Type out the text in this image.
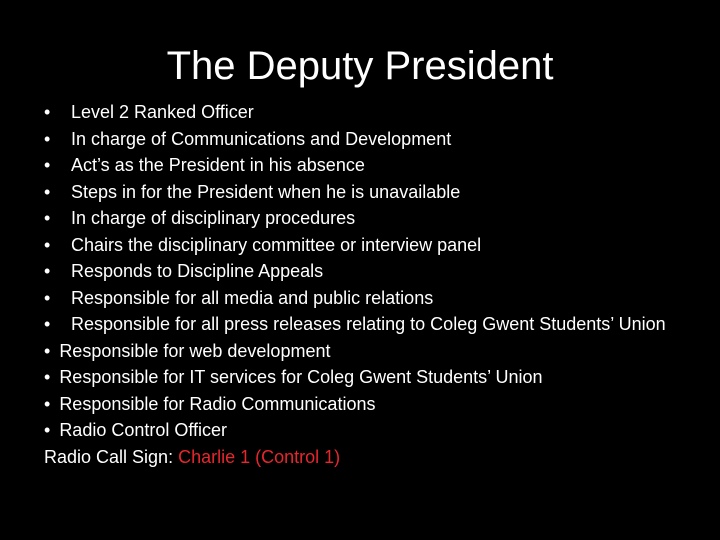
The Deputy President
•	Level 2 Ranked Officer
•	In charge of Communications and Development
•	Act’s as the President in his absence
•	Steps in for the President when he is unavailable
•	In charge of disciplinary procedures
•	Chairs the disciplinary committee or interview panel
•	Responds to Discipline Appeals
•	Responsible for all media and public relations
•	Responsible for all press releases relating to Coleg Gwent Students’ Union
• Responsible for web development
• Responsible for IT services for Coleg Gwent Students’ Union
• Responsible for Radio Communications
• Radio Control Officer
Radio Call Sign: Charlie 1 (Control 1)
